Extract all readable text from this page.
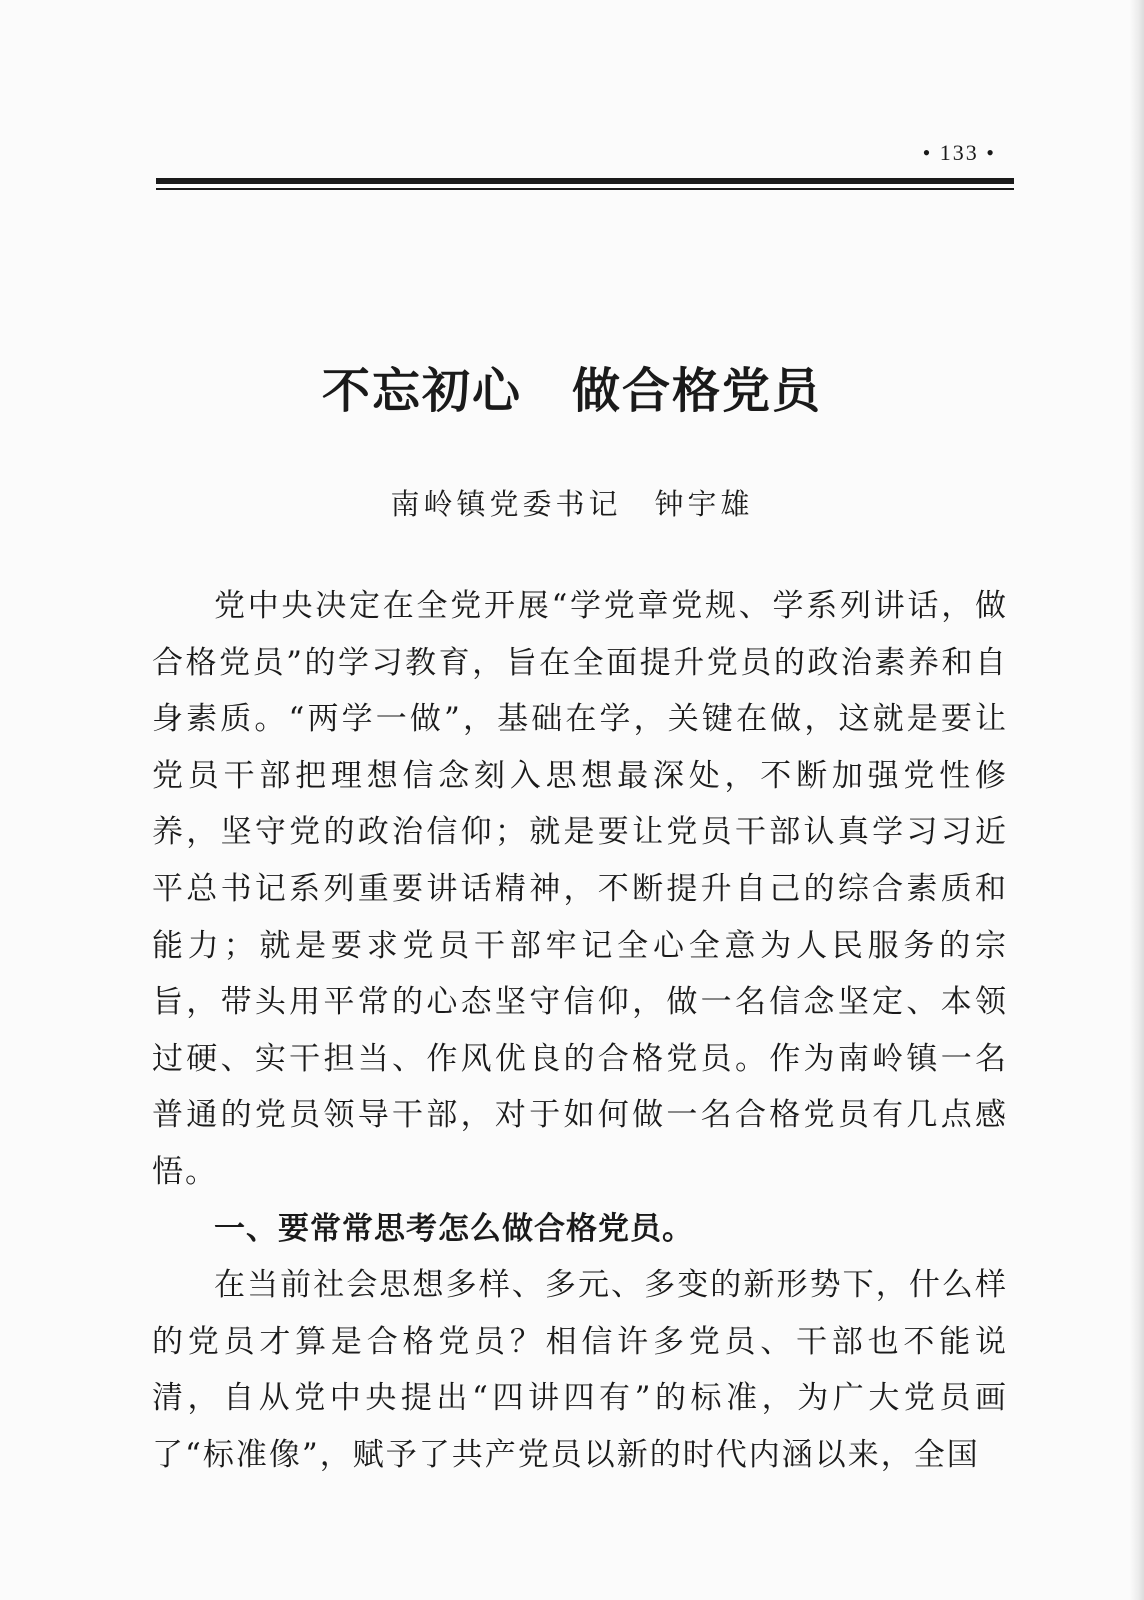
• 133 •
不忘初心　做合格党员
南岭镇党委书记　钟宇雄

党中央决定在全党开展“学党章党规、学系列讲话，做合格党员”的学习教育，旨在全面提升党员的政治素养和自身素质。“两学一做”，基础在学，关键在做，这就是要让党员干部把理想信念刻入思想最深处，不断加强党性修养，坚守党的政治信仰；就是要让党员干部认真学习习近平总书记系列重要讲话精神，不断提升自己的综合素质和能力；就是要求党员干部牢记全心全意为人民服务的宗旨，带头用平常的心态坚守信仰，做一名信念坚定、本领过硬、实干担当、作风优良的合格党员。作为南岭镇一名普通的党员领导干部，对于如何做一名合格党员有几点感悟。

一、要常常思考怎么做合格党员。

在当前社会思想多样、多元、多变的新形势下，什么样的党员才算是合格党员？相信许多党员、干部也不能说清，自从党中央提出“四讲四有”的标准，为广大党员画了“标准像”，赋予了共产党员以新的时代内涵以来，全国
